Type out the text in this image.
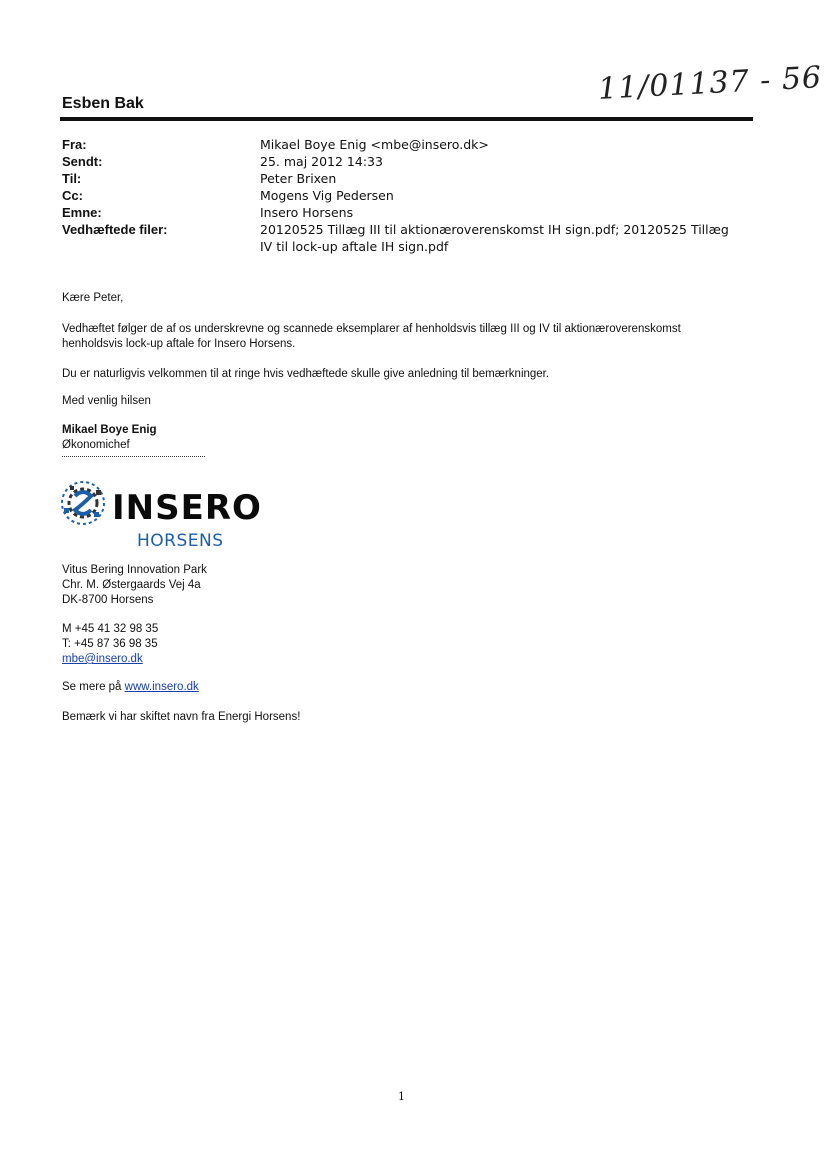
11/01137 - 56
Esben Bak
Fra:	Mikael Boye Enig <mbe@insero.dk>
Sendt:	25. maj 2012 14:33
Til:	Peter Brixen
Cc:	Mogens Vig Pedersen
Emne:	Insero Horsens
Vedhæftede filer:	20120525 Tillæg III til aktionæroverenskomst IH sign.pdf; 20120525 Tillæg IV til lock-up aftale IH sign.pdf
Kære Peter,
Vedhæftet følger de af os underskrevne og scannede eksemplarer af henholdsvis tillæg III og IV til aktionæroverenskomst henholdsvis lock-up aftale for Insero Horsens.
Du er naturligvis velkommen til at ringe hvis vedhæftede skulle give anledning til bemærkninger.
Med venlig hilsen
Mikael Boye Enig
Økonomichef
INSERO
HORSENS
Vitus Bering Innovation Park
Chr. M. Østergaards Vej 4a
DK-8700 Horsens
M +45 41 32 98 35
T: +45 87 36 98 35
mbe@insero.dk
Se mere på www.insero.dk
Bemærk vi har skiftet navn fra Energi Horsens!
1
